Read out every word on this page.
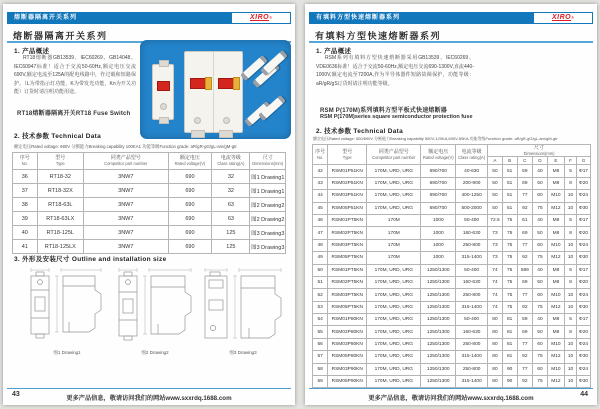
熔断器隔离开关系列	XIRO ®
熔断器隔离开关系列
1. 产品概述
RT18熔断器GB13539、IEC60269、GB14048、IEC60947标准！适合于交流50-60Hz,额定电压交流690V,额定电流至125A的配电线路中，作过载和短路保护。（L为带指示灯功能，K为带发光功能，Kn为开关功能）订货时请注明功能用途。
RT18熔断器隔离开关RT18 Fuse Switch
2. 技术参数 Technical Data
额定电压Rated voltage: 690V 分断能力Breaking capability 100KA1 功能等级Function grade: aR/gR-gG/gL-am/gM-gtr
序号
No.	型号
Type	同类产品型号
Competitor part number	额定电压
Rated voltage(V)	电流等级
Class rating(A)	尺寸
Dimensions(mm)

36	RT18-32	3NW7	690	32	图1 Drawing1
37	RT18-32X	3NW7	690	32	图1 Drawing1
38	RT18-63L	3NW7	690	63	图2 Drawing2
39	RT18-63LX	3NW7	690	63	图2 Drawing2
40	RT18-125L	3NW7	690	125	图3 Drawing3
41	RT18-125LX	3NW7	690	125	图3 Drawing3
3. 外形及安装尺寸 Outline and installation size
图1 Drawing1	图2 Drawing2	图3 Drawing3
43
更多产品信息，敬请访问我们的网站www.sxxrdq.1688.com
有填料方型快速熔断器系列	XIRO ®
有填料方型快速熔断器系列
1. 产品概述
RSM系列有填料方型快速熔断器采用GB13539、IEC60269、VDE0636标准！适合于交流50-60Hz,额定电压交流690-1300V,直流440-1000V,额定电流至7200A,作为半导体器件短路故障保护，功能等级：aR/gR/gS订货时请注明功能等级。
RSM P(170M)系列填料方型平板式快速熔断器
RSM P(170M)series square semiconductor protection fuse
2. 技术参数 Technical Data
额定电压Rated voltage: 500/690V 分断能力Breaking capability 500V-120KA,690V-50KA 功能等级Function grade: aR/gR-gG/gL-am/gM-gtr
序号
No.	型号
Type	同类产品型号
Competitor part number	额定电压
Rated voltage(V)	电流等级
Class rating(A)	尺寸
Dimensions(mm)						

					A	B	C	D	E	F	G
42	RSM01P51KN	170M, URD, URG	690/700	40-630	50	51	59	40	M8	5	Φ17
43	RSM02P51KN	170M, URD, URG	690/700	200-900	50	51	69	50	M8	8	Φ20
44	RSM03P51KN	170M, URD, URG	690/700	400-1250	50	51	77	60	M10	10	Φ24
45	RSM05P51KN	170M, URD, URG	690/700	500-2000	50	51	92	75	M12	10	Φ30
46	RSM01PT5KN	170M	1000	50-400	72.5	75	61	40	M8	5	Φ17
47	RSM02PT5KN	170M	1000	160-630	73	75	69	50	M8	8	Φ20
48	RSM03PT5KN	170M	1000	250-800	73	75	77	60	M10	10	Φ24
49	RSM05PT5KN	170M	1000	315-1400	73	75	92	75	M12	10	Φ30
50	RSM01PT5KN	170M, URD, URG	1250/1300	50-400	74	75	589	40	M8	5	Φ17
51	RSM02PT5KN	170M, URD, URG	1250/1300	160-630	74	75	69	50	M8	8	Φ20
52	RSM03PT5KN	170M, URD, URG	1250/1300	250-800	74	75	77	60	M10	10	Φ24
53	RSM05PT5KN	170M, URD, URG	1250/1300	315-1400	74	75	92	75	M12	10	Φ30
54	RSM01P80KN	170M, URD, URG	1250/1300	50-400	80	81	59	40	M8	5	Φ17
55	RSM02P80KN	170M, URD, URG	1250/1300	160-630	80	81	69	50	M8	8	Φ20
56	RSM03P80KN	170M, URD, URG	1250/1300	250-800	80	81	77	60	M10	10	Φ24
57	RSM05P80KN	170M, URD, URG	1250/1300	315-1400	80	81	92	75	M12	10	Φ30
58	RSM03P90KN	170M, URD, URG	1250/1300	250-800	80	90	77	60	M10	10	Φ24
59	RSM05P90KN	170M, URD, URG	1250/1300	315-1400	80	90	92	75	M12	10	Φ30
44
更多产品信息，敬请访问我们的网站www.sxxrdq.1688.com
